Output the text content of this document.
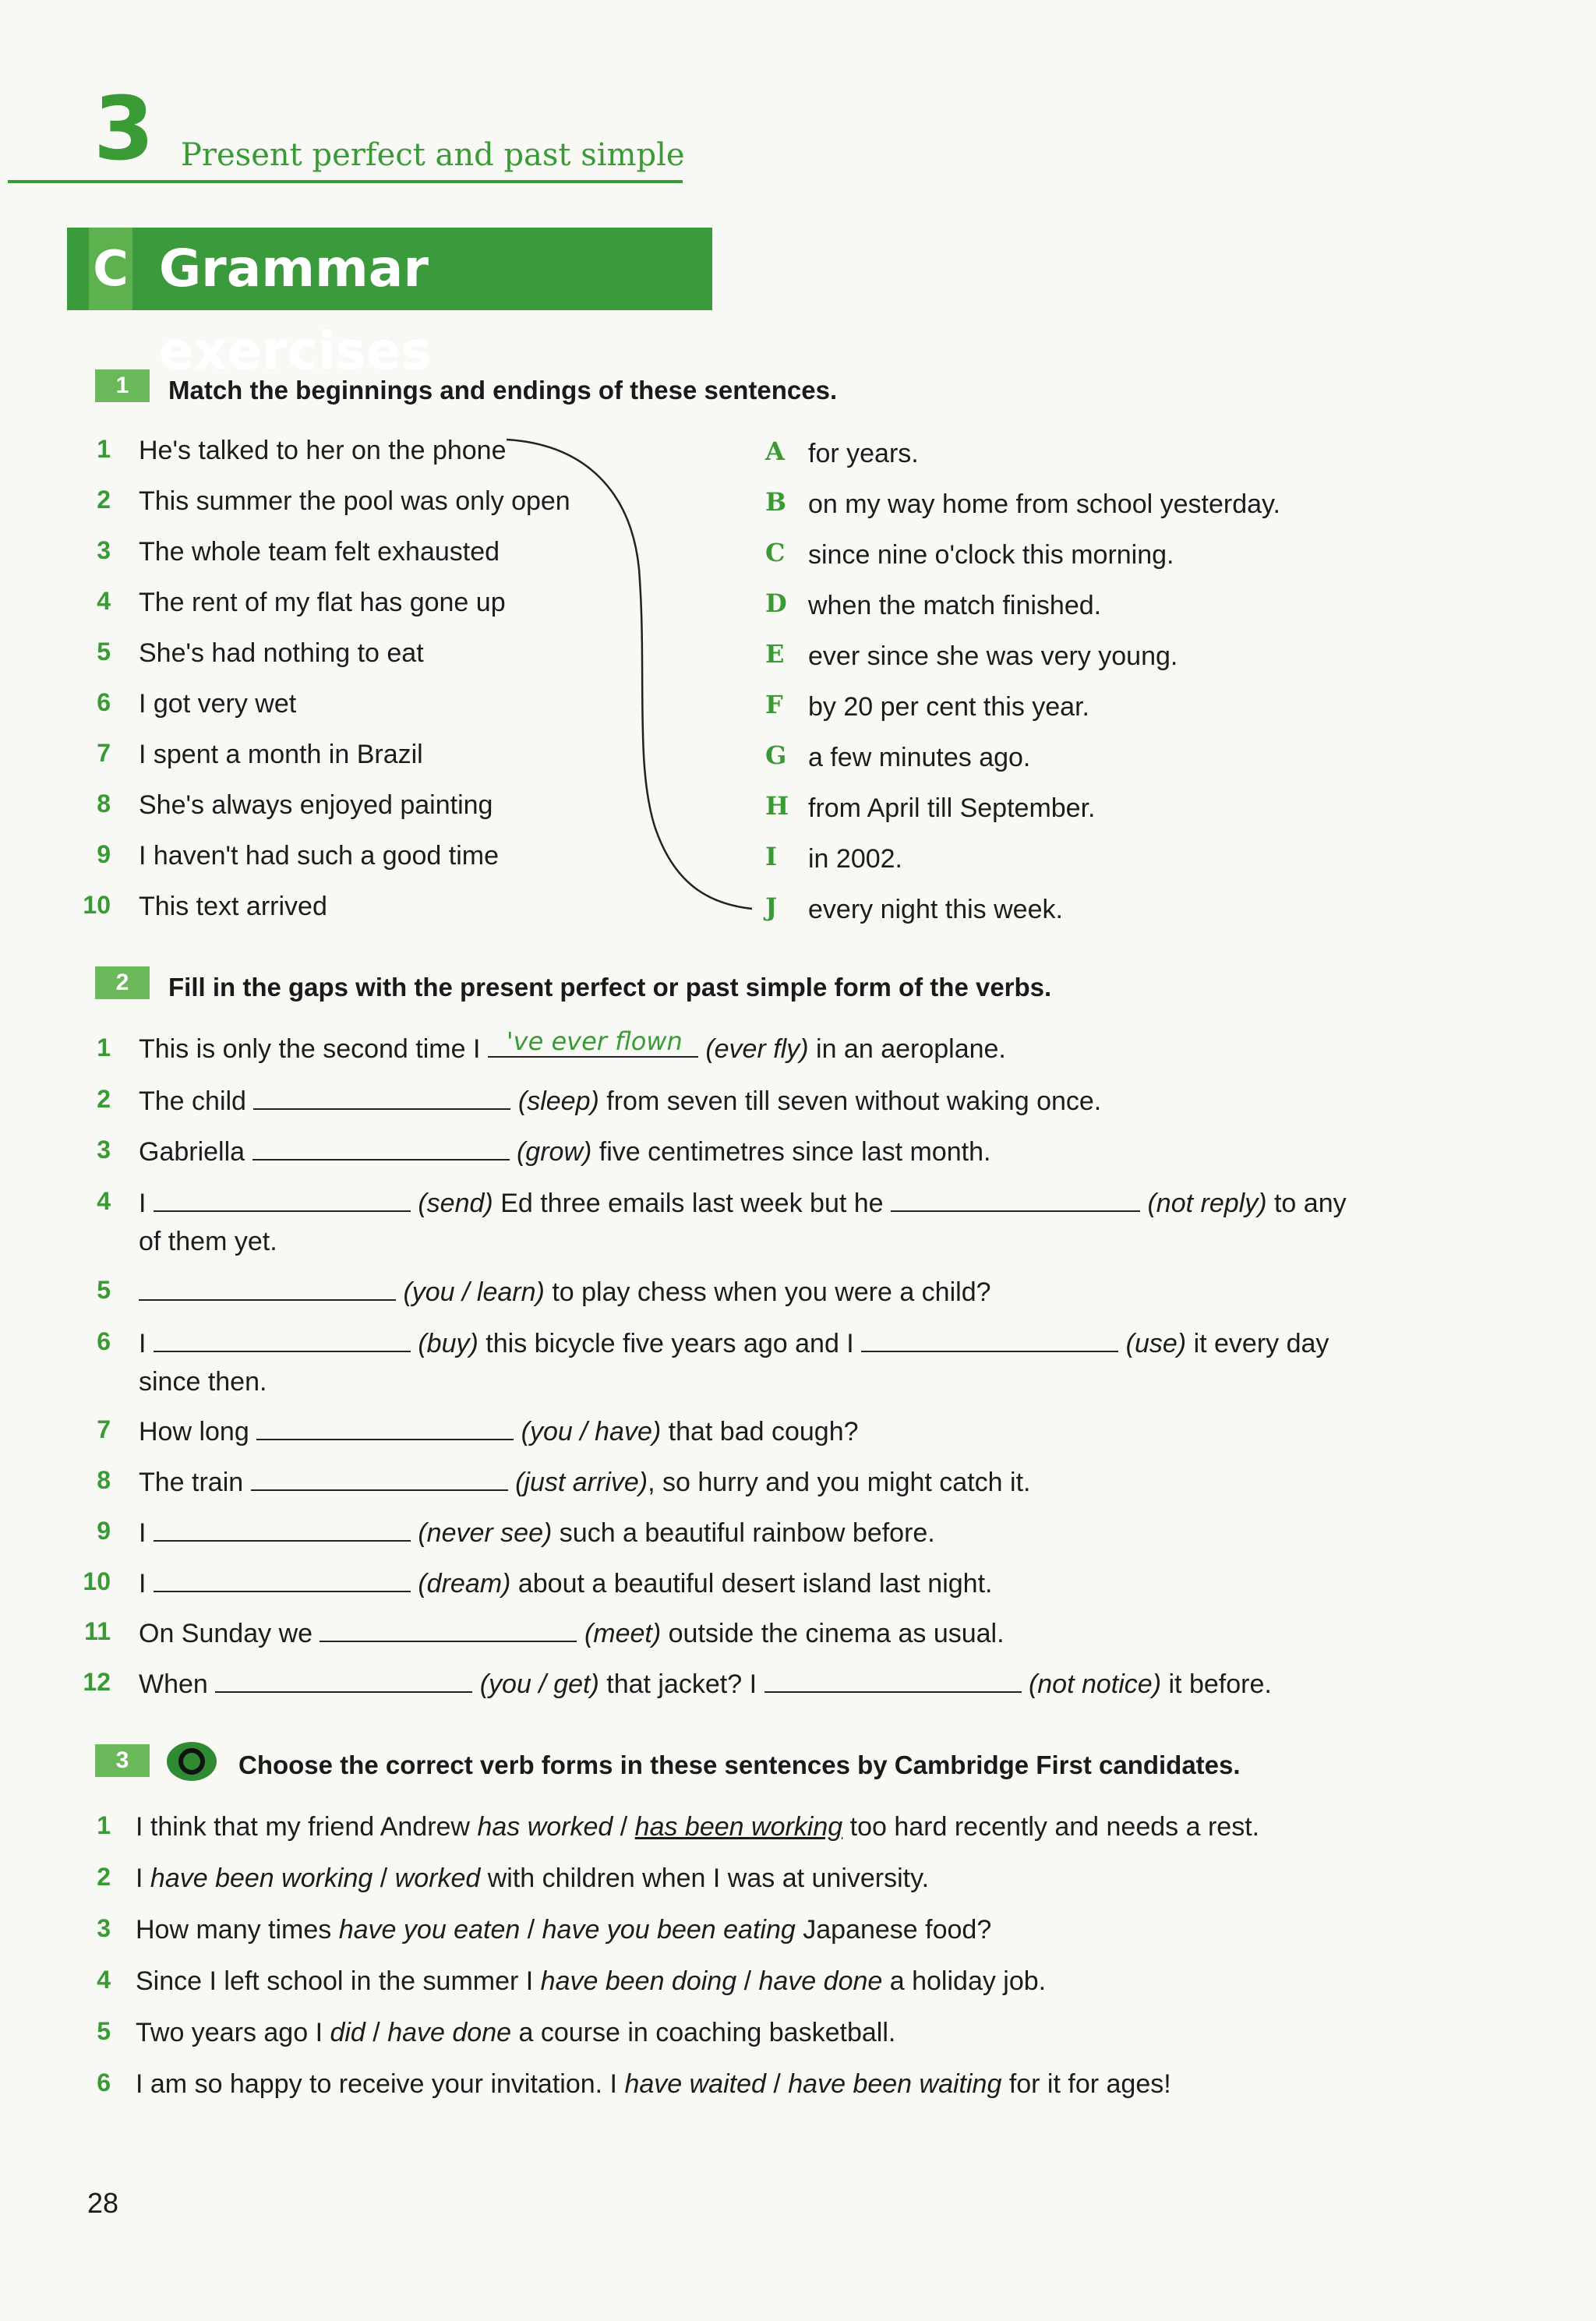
3 Present perfect and past simple
C Grammar exercises
1	Match the beginnings and endings of these sentences.
1 He's talked to her on the phone
2 This summer the pool was only open
3 The whole team felt exhausted
4 The rent of my flat has gone up
5 She's had nothing to eat
6 I got very wet
7 I spent a month in Brazil
8 She's always enjoyed painting
9 I haven't had such a good time
10 This text arrived
A for years.
B on my way home from school yesterday.
C since nine o'clock this morning.
D when the match finished.
E ever since she was very young.
F by 20 per cent this year.
G a few minutes ago.
H from April till September.
I in 2002.
J every night this week.
2	Fill in the gaps with the present perfect or past simple form of the verbs.
1 This is only the second time I 've ever flown (ever fly) in an aeroplane.
2 The child	(sleep) from seven till seven without waking once.
3 Gabriella	(grow) five centimetres since last month.
4 I	(send) Ed three emails last week but he	(not reply) to any
of them yet.
5	(you / learn) to play chess when you were a child?
6 I	(buy) this bicycle five years ago and I	(use) it every day
since then.
7 How long	(you / have) that bad cough?
8 The train	(just arrive), so hurry and you might catch it.
9 I	(never see) such a beautiful rainbow before.
10 I	(dream) about a beautiful desert island last night.
11 On Sunday we	(meet) outside the cinema as usual.
12 When	(you / get) that jacket? I	(not notice) it before.
3	Choose the correct verb forms in these sentences by Cambridge First candidates.
1 I think that my friend Andrew has worked / has been working too hard recently and needs a rest.
2 I have been working / worked with children when I was at university.
3 How many times have you eaten / have you been eating Japanese food?
4 Since I left school in the summer I have been doing / have done a holiday job.
5 Two years ago I did / have done a course in coaching basketball.
6 I am so happy to receive your invitation. I have waited / have been waiting for it for ages!
28
